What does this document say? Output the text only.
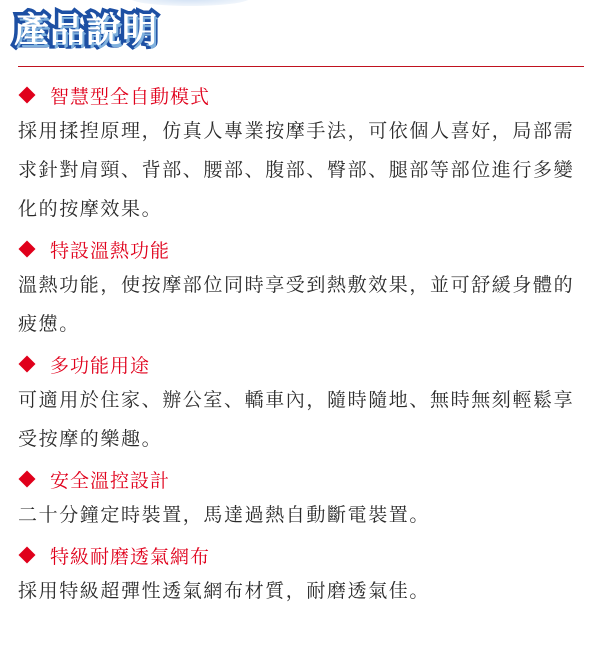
產品說明
智慧型全自動模式

採用揉揑原理，仿真人專業按摩手法，可依個人喜好，局部需求針對肩頸、背部、腰部、腹部、臀部、腿部等部位進行多變化的按摩效果。

特設溫熱功能

溫熱功能，使按摩部位同時享受到熱敷效果，並可舒緩身體的疲憊。

多功能用途

可適用於住家、辦公室、轎車內，隨時隨地、無時無刻輕鬆享受按摩的樂趣。

安全溫控設計

二十分鐘定時裝置，馬達過熱自動斷電裝置。

特級耐磨透氣網布

採用特級超彈性透氣網布材質，耐磨透氣佳。
